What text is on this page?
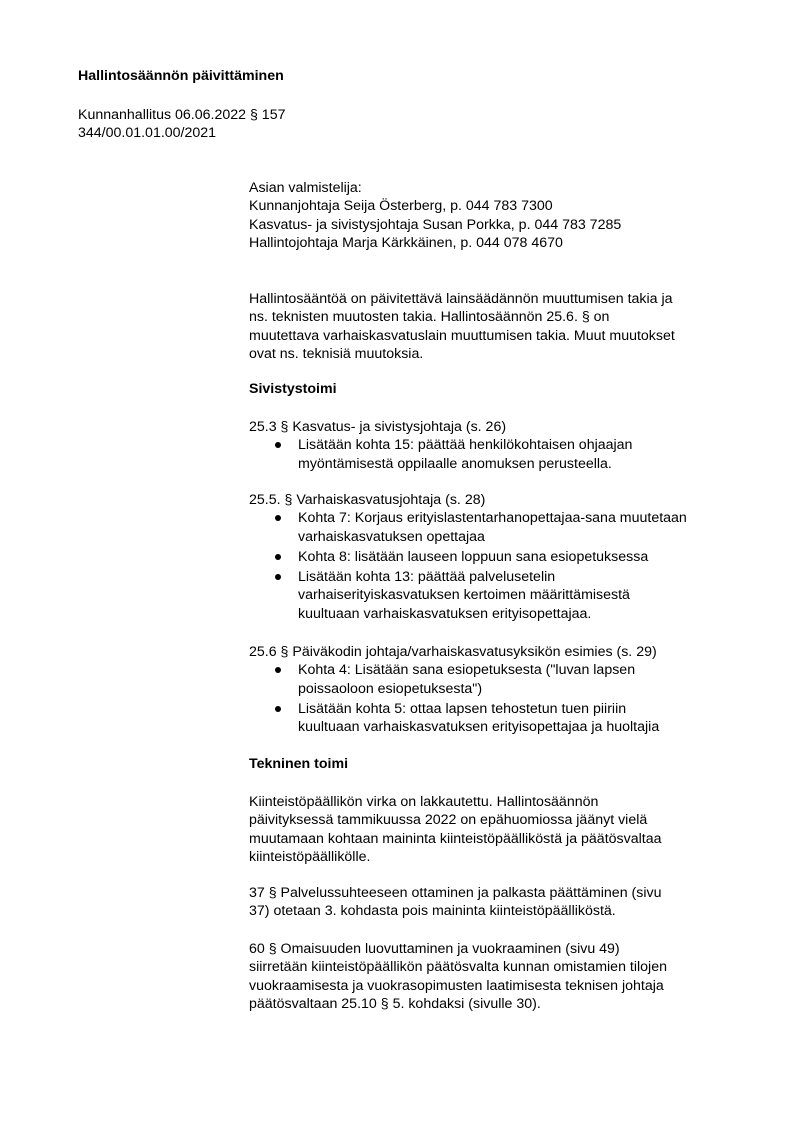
Hallintosäännön päivittäminen
Kunnanhallitus 06.06.2022 § 157
344/00.01.01.00/2021
Asian valmistelija:
Kunnanjohtaja Seija Österberg, p. 044 783 7300
Kasvatus- ja sivistysjohtaja Susan Porkka, p. 044 783 7285
Hallintojohtaja Marja Kärkkäinen, p. 044 078 4670
Hallintosääntöä on päivitettävä lainsäädännön muuttumisen takia ja
ns. teknisten muutosten takia. Hallintosäännön 25.6. § on
muutettava varhaiskasvatuslain muuttumisen takia. Muut muutokset
ovat ns. teknisiä muutoksia.
Sivistystoimi
25.3 § Kasvatus- ja sivistysjohtaja (s. 26)
Lisätään kohta 15: päättää henkilökohtaisen ohjaajan
myöntämisestä oppilaalle anomuksen perusteella.
25.5. § Varhaiskasvatusjohtaja (s. 28)
Kohta 7: Korjaus erityislastentarhanopettajaa-sana muutetaan
varhaiskasvatuksen opettajaa
Kohta 8: lisätään lauseen loppuun sana esiopetuksessa
Lisätään kohta 13: päättää palvelusetelin
varhaiserityiskasvatuksen kertoimen määrittämisestä
kuultuaan varhaiskasvatuksen erityisopettajaa.
25.6 § Päiväkodin johtaja/varhaiskasvatusyksikön esimies (s. 29)
Kohta 4: Lisätään sana esiopetuksesta ("luvan lapsen
poissaoloon esiopetuksesta")
Lisätään kohta 5: ottaa lapsen tehostetun tuen piiriin
kuultuaan varhaiskasvatuksen erityisopettajaa ja huoltajia
Tekninen toimi
Kiinteistöpäällikön virka on lakkautettu. Hallintosäännön
päivityksessä tammikuussa 2022 on epähuomiossa jäänyt vielä
muutamaan kohtaan maininta kiinteistöpäälliköstä ja päätösvaltaa
kiinteistöpäällikölle.
37 § Palvelussuhteeseen ottaminen ja palkasta päättäminen (sivu
37) otetaan 3. kohdasta pois maininta kiinteistöpäälliköstä.
60 § Omaisuuden luovuttaminen ja vuokraaminen (sivu 49)
siirretään kiinteistöpäällikön päätösvalta kunnan omistamien tilojen
vuokraamisesta ja vuokrasopimusten laatimisesta teknisen johtaja
päätösvaltaan 25.10 § 5. kohdaksi (sivulle 30).
